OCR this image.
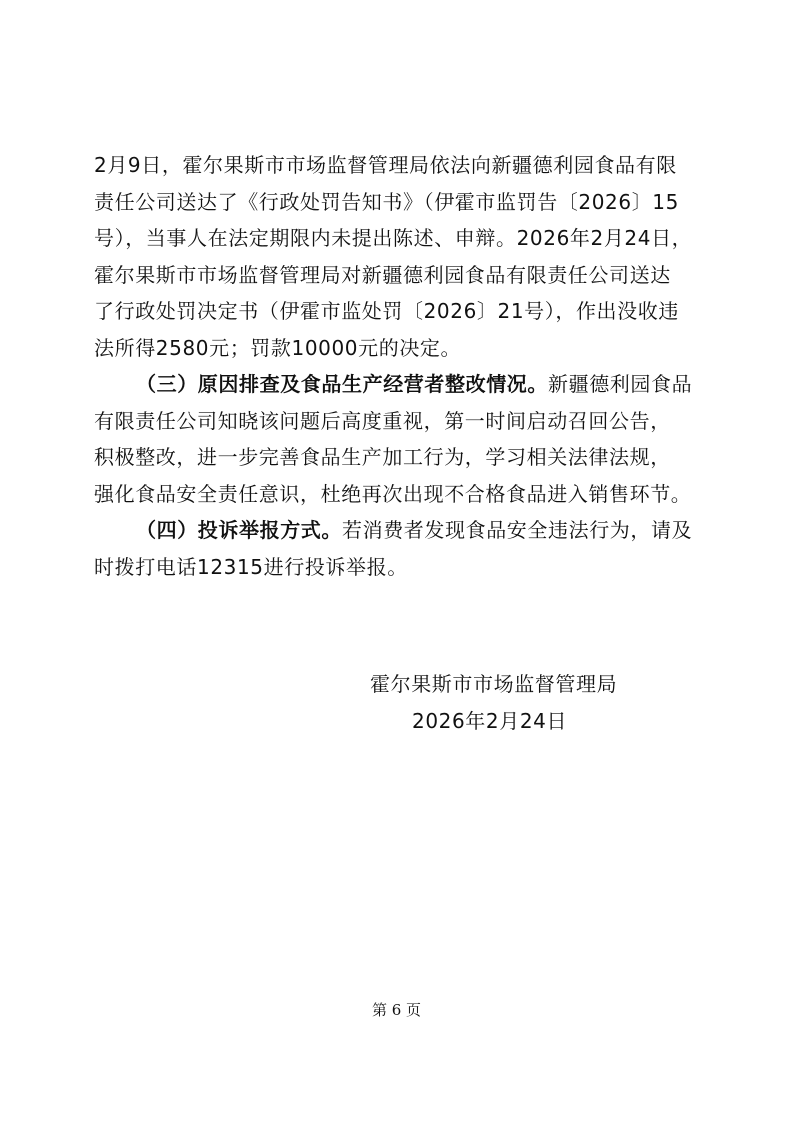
2月9日，霍尔果斯市市场监督管理局依法向新疆德利园食品有限
责任公司送达了《行政处罚告知书》（伊霍市监罚告〔2026〕15
号），当事人在法定期限内未提出陈述、申辩。2026年2月24日，
霍尔果斯市市场监督管理局对新疆德利园食品有限责任公司送达
了行政处罚决定书（伊霍市监处罚〔2026〕21号），作出没收违
法所得2580元；罚款10000元的决定。
（三）原因排查及食品生产经营者整改情况。新疆德利园食品
有限责任公司知晓该问题后高度重视，第一时间启动召回公告，
积极整改，进一步完善食品生产加工行为，学习相关法律法规，
强化食品安全责任意识，杜绝再次出现不合格食品进入销售环节。
（四）投诉举报方式。若消费者发现食品安全违法行为，请及
时拨打电话12315进行投诉举报。
霍尔果斯市市场监督管理局
2026年2月24日
第 6 页
